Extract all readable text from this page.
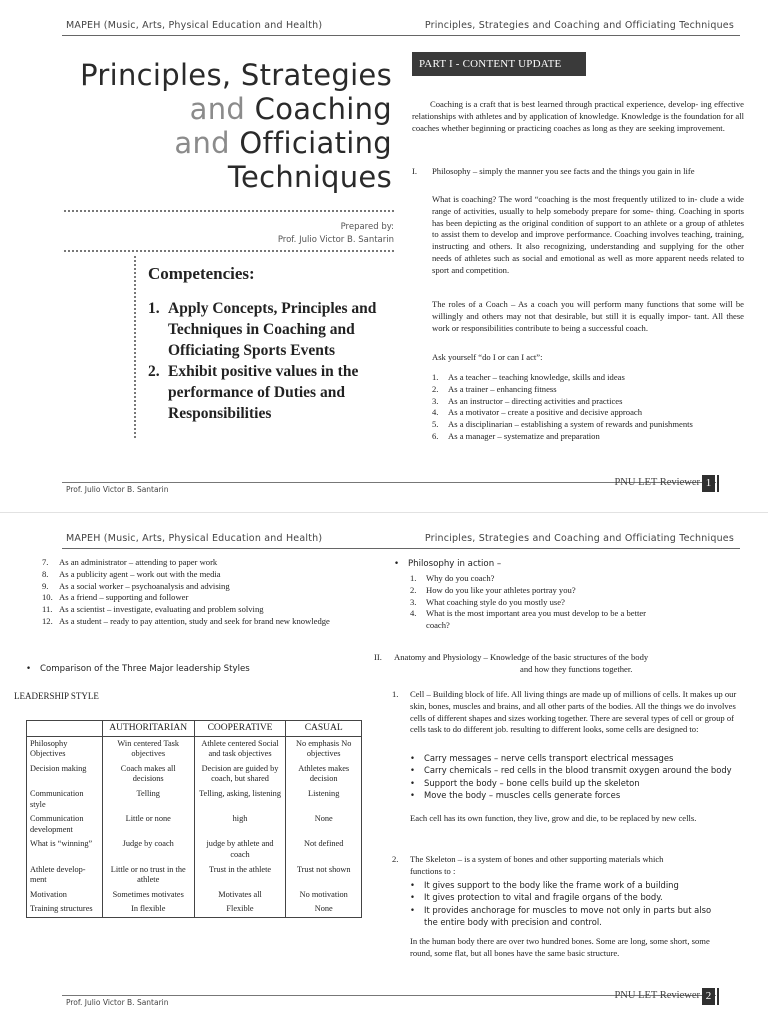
MAPEH (Music, Arts, Physical Education and Health)	Principles, Strategies and Coaching and Officiating Techniques
Principles, Strategies
and Coaching
and Officiating
Techniques
Prepared by:
Prof. Julio Victor B. Santarin
Competencies:
1. Apply Concepts, Principles and Techniques in Coaching and Officiating Sports Events
2. Exhibit positive values in the performance of Duties and Responsibilities
PART I - CONTENT UPDATE

Coaching is a craft that is best learned through practical experience, develop- ing effective relationships with athletes and by application of knowledge. Knowledge is the foundation for all coaches whether beginning or practicing coaches as long as they are seeking improvement.

I.	Philosophy – simply the manner you see facts and the things you gain in life

What is coaching? The word “coaching is the most frequently utilized to in- clude a wide range of activities, usually to help somebody prepare for some- thing. Coaching in sports has been depicting as the original condition of support to an athlete or a group of athletes to assist them to develop and improve performance. Coaching involves teaching, training, instructing and others. It also recognizing, understanding and supplying for the other needs of athletes such as social and emotional as well as more apparent needs related to sport and competition.

The roles of a Coach – As a coach you will perform many functions that some will be willingly and others may not that desirable, but still it is equally impor- tant. All these work or responsibilities contribute to being a successful coach.

Ask yourself “do I or can I act”:

1.	As a teacher – teaching knowledge, skills and ideas
2.	As a trainer – enhancing fitness
3.	As an instructor – directing activities and practices
4.	As a motivator – create a positive and decisive approach
5.	As a disciplinarian – establishing a system of rewards and punishments
6.	As a manager – systematize and preparation
Prof. Julio Victor B. Santarin
PNU LET Reviewer 1
MAPEH (Music, Arts, Physical Education and Health)	Principles, Strategies and Coaching and Officiating Techniques
7.	As an administrator – attending to paper work
8.	As a publicity agent – work out with the media
9.	As a social worker – psychoanalysis and advising
10. As a friend – supporting and follower
11. As a scientist – investigate, evaluating and problem solving
12. As a student – ready to pay attention, study and seek for brand new knowledge
•	Comparison of the Three Major leadership Styles
LEADERSHIP STYLE
	AUTHORITARIAN	COOPERATIVE	CASUAL
Philosophy Objectives	Win centered Task objectives	Athlete centered Social and task objectives	No emphasis No objectives
Decision making	Coach makes all decisions	Decision are guided by coach, but shared	Athletes makes decision
Communication style	Telling	Telling, asking, listening	Listening
Communication development	Little or none	high	None
What is “winning”	Judge by coach	judge by athlete and coach	Not defined
Athlete develop- ment	Little or no trust in the athlete	Trust in the athlete	Trust not shown
Motivation	Sometimes motivates	Motivates all	No motivation
Training structures	In flexible	Flexible	None
•	Philosophy in action –
1.	Why do you coach?
2.	How do you like your athletes portray you?
3.	What coaching style do you mostly use?
4.	What is the most important area you must develop to be a better coach?
II.	Anatomy and Physiology – Knowledge of the basic structures of the body
and how they functions together.
1.	Cell – Building block of life. All living things are made up of millions of cells. It makes up our skin, bones, muscles and brains, and all other parts of the bodies. All the things we do involves cells of different shapes and sizes working together. There are several types of cell or group of cells task to do different job. resulting to different looks, some cells are designed to:
•	Carry messages – nerve cells transport electrical messages
•	Carry chemicals – red cells in the blood transmit oxygen around the body
•	Support the body – bone cells build up the skeleton
•	Move the body – muscles cells generate forces

Each cell has its own function, they live, grow and die, to be replaced by new cells.

2.	The Skeleton – is a system of bones and other supporting materials which functions to :
•	It gives support to the body like the frame work of a building
•	It gives protection to vital and fragile organs of the body.
•	It provides anchorage for muscles to move not only in parts but also the entire body with precision and control.

In the human body there are over two hundred bones. Some are long, some short, some round, some flat, but all bones have the same basic structure.

Prof. Julio Victor B. Santarin
PNU LET Reviewer 2
